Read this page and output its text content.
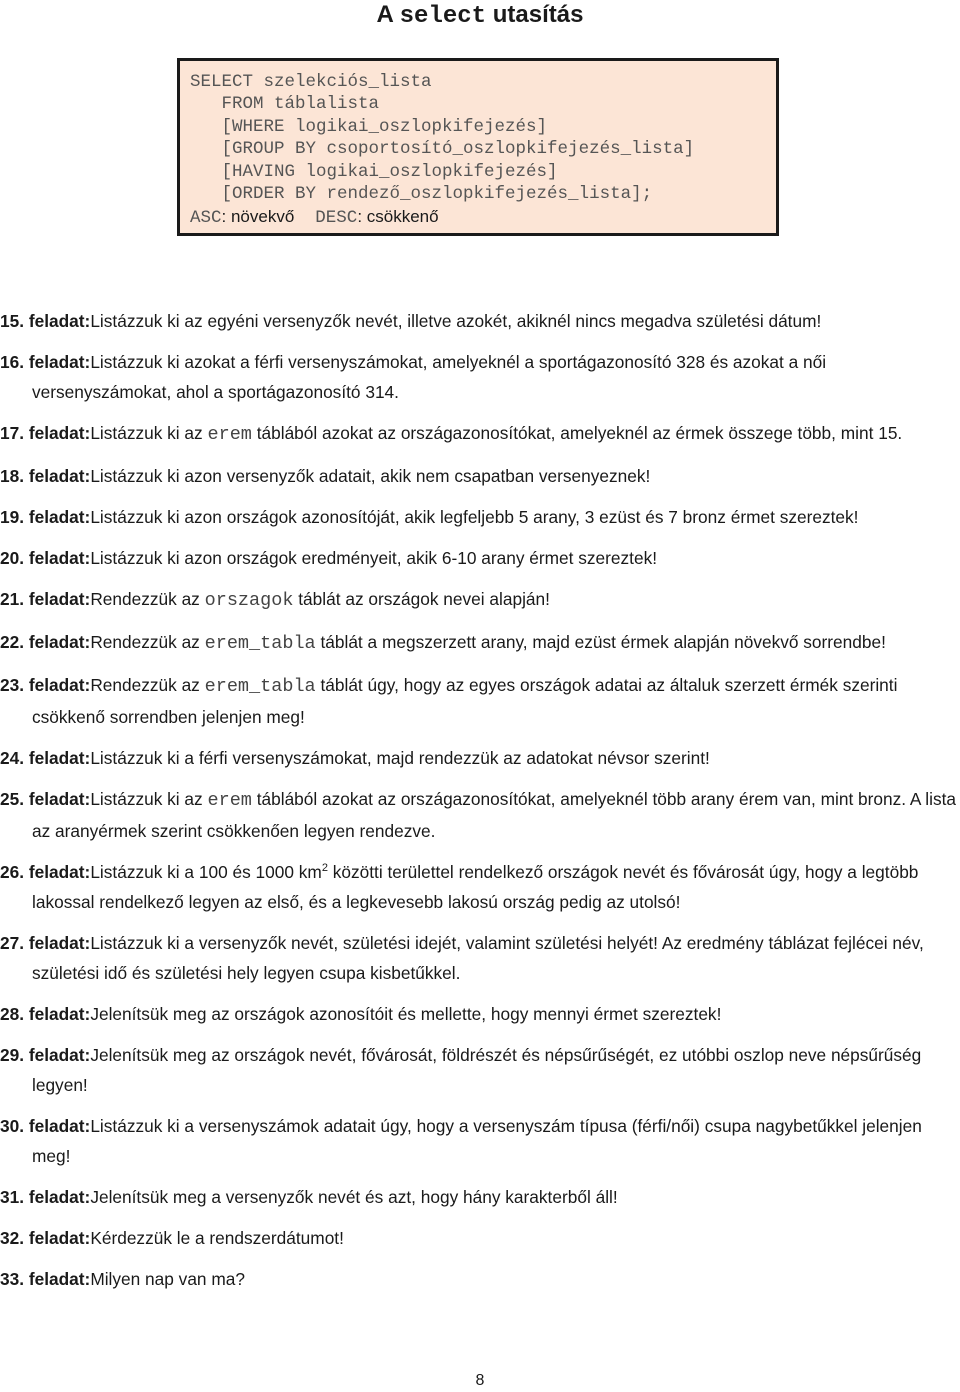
A select utasítás
SELECT szelekciós_lista
FROM táblalista
[WHERE logikai_oszlopkifejezés]
[GROUP BY csoportosító_oszlopkifejezés_lista]
[HAVING logikai_oszlopkifejezés]
[ORDER BY rendező_oszlopkifejezés_lista];
ASC: növekvő DESC: csökkenő
15. feladat:Listázzuk ki az egyéni versenyzők nevét, illetve azokét, akiknél nincs megadva születési dátum!
16. feladat:Listázzuk ki azokat a férfi versenyszámokat, amelyeknél a sportágazonosító 328 és azokat a női versenyszámokat, ahol a sportágazonosító 314.
17. feladat:Listázzuk ki az erem táblából azokat az országazonosítókat, amelyeknél az érmek összege több, mint 15.
18. feladat:Listázzuk ki azon versenyzők adatait, akik nem csapatban versenyeznek!
19. feladat:Listázzuk ki azon országok azonosítóját, akik legfeljebb 5 arany, 3 ezüst és 7 bronz érmet szereztek!
20. feladat:Listázzuk ki azon országok eredményeit, akik 6-10 arany érmet szereztek!
21. feladat:Rendezzük az orszagok táblát az országok nevei alapján!
22. feladat:Rendezzük az erem_tabla táblát a megszerzett arany, majd ezüst érmek alapján növekvő sorrendbe!
23. feladat:Rendezzük az erem_tabla táblát úgy, hogy az egyes országok adatai az általuk szerzett érmék szerinti csökkenő sorrendben jelenjen meg!
24. feladat:Listázzuk ki a férfi versenyszámokat, majd rendezzük az adatokat névsor szerint!
25. feladat:Listázzuk ki az erem táblából azokat az országazonosítókat, amelyeknél több arany érem van, mint bronz. A lista az aranyérmek szerint csökkenően legyen rendezve.
26. feladat:Listázzuk ki a 100 és 1000 $km^2$ közötti területtel rendelkező országok nevét és fővárosát úgy, hogy a legtöbb lakossal rendelkező legyen az első, és a legkevesebb lakosú ország pedig az utolsó!
27. feladat:Listázzuk ki a versenyzők nevét, születési idejét, valamint születési helyét! Az eredmény táblázat fejlécei név, születési idő és születési hely legyen csupa kisbetűkkel.
28. feladat:Jelenítsük meg az országok azonosítóit és mellette, hogy mennyi érmet szereztek!
29. feladat:Jelenítsük meg az országok nevét, fővárosát, földrészét és népsűrűségét, ez utóbbi oszlop neve népsűrűség legyen!
30. feladat:Listázzuk ki a versenyszámok adatait úgy, hogy a versenyszám típusa (férfi/női) csupa nagybetűkkel jelenjen meg!
31. feladat:Jelenítsük meg a versenyzők nevét és azt, hogy hány karakterből áll!
32. feladat:Kérdezzük le a rendszerdátumot!
33. feladat:Milyen nap van ma?
8
